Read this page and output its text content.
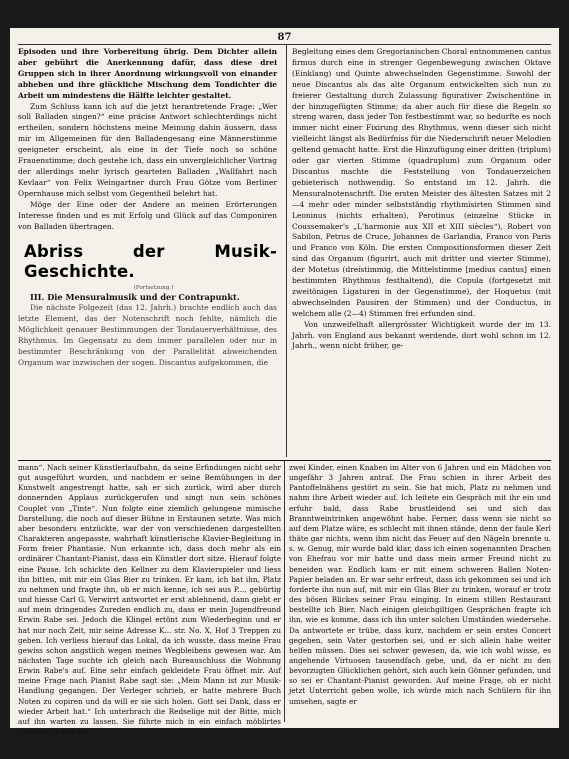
87

Episoden und ihre Vorbereitung übrig. Dem Dichter allein aber gebührt die Anerkennung dafür, dass diese drei Gruppen sich in ihrer Anordnung wirkungsvoll von einander abheben und ihre glückliche Mischung dem Tondichter die Arbeit um mindestens die Hälfte leichter gestaltet.

Zum Schluss kann ich auf die jetzt herantretende Frage: „Wer soll Balladen singen?“ eine präcise Antwort schlechterdings nicht ertheilen, sondern höchstens meine Meinung dahin äussern, dass mir im Allgemeinen für den Balladengesang eine Männerstimme geeigneter erscheint, als eine in der Tiefe noch so schöne Frauenstimme; doch gestehe ich, dass ein unvergleichlicher Vortrag der allerdings mehr lyrisch gearteten Balladen „Wallfahrt nach Kevlaar“ von Felix Weingartner durch Frau Götze vom Berliner Opernhause mich selbst vom Gegentheil belehrt hat.

Möge der Eine oder der Andere an meinen Erörterungen Interesse finden und es mit Erfolg und Glück auf das Componiren von Balladen übertragen.

Abriss der Musik-Geschichte.

(Fortsetzung.)

III. Die Mensuralmusik und der Contrapunkt.

Die nächste Folgezeit (das 12. Jahrh.) brachte endlich auch das letzte Element, das der Notenschrift noch fehlte, nämlich die Möglichkeit genauer Bestimmungen der Tondauerverhältnisse, des Rhythmus. Im Gegensatz zu dem immer parallelen oder nur in bestimmter Beschränkung von der Parallelität abweichenden Organum war inzwischen der sogen. Discantus aufgekommen, die

Begleitung eines dem Gregorianischen Choral entnommenen cantus firmus durch eine in strenger Gegenbewegung zwischen Oktave (Einklang) und Quinte abwechselnden Gegenstimme. Sowohl der neue Discantus als das alte Organum entwickelten sich nun zu freierer Gestaltung durch Zulassung figurativer Zwischentöne in der hinzugefügten Stimme; da aber auch für diese die Regeln so streng waren, dass jeder Ton festbestimmt war, so bedurfte es noch immer nicht einer Fixirung des Rhythmus, wenn dieser sich nicht vielleicht längst als Bedürfniss für die Niederschrift neuer Melodien geltend gemacht hatte. Erst die Hinzufügung einer dritten (triplum) oder gar vierten Stimme (quadruplum) zum Organum oder Discantus machte die Feststellung von Tondauerzeichen gebieterisch nothwendig. So entstand im 12. Jahrh. die Mensuralnotenschrift. Die ersten Meister des ältesten Satzes mit 2—4 mehr oder minder selbstständig rhythmisirten Stimmen sind Leoninus (nichts erhalten), Perotinus (einzelne Stücke in Coussemaker's „L'harmonie aux XII et XIII siècles“), Robert von Sabilon, Petrus de Cruce, Johannes de Garlandia, Franco von Paris und Franco von Köln. Die ersten Compositionsformen dieser Zeit sind das Organum (figurirt, auch mit dritter und vierter Stimme), der Motetus (dreistimmig, die Mittelstimme [medius cantus] einen bestimmten Rhythmus festhaltend), die Copula (fortgesetzt mit zweitönigen Ligaturen in der Gegenstimme), der Hoquetus (mit abwechselnden Pausiren der Stimmen) und der Conductus, in welchem alle (2—4) Stimmen frei erfunden sind.

Von unzweifelhaft allergrösster Wichtigkeit wurde der im 13. Jahrh. von England aus bekannt werdende, dort wohl schon im 12. Jahrh., wenn nicht früher, ge-

mann“. Nach seiner Künstlerlaufbahn, da seine Erfindungen nicht sehr gut ausgeführt wurden, und nachdem er seine Bemühungen in der Kunstwelt angestrengt hatte, sah er sich zurück, wird aber durch donnernden Applaus zurückgerufen und singt nun sein schönes Couplet von „Tinte“. Nun folgte eine ziemlich gelungene mimische Darstellung, die noch auf dieser Bühne in Erstaunen setzte. Was mich aber besonders entzückte, war der von verschiedenen dargestellten Charakteren angepasste, wahrhaft künstlerische Klavier-Begleitung in Form freier Phantasie. Nun erkannte ich, dass doch mehr als ein ordinärer Chantant-Pianist, dass ein Künstler dort sitze. Hierauf folgte eine Pause. Ich schickte den Kellner zu dem Klavierspieler und liess ihn bitten, mit mir ein Glas Bier zu trinken. Er kam, ich bat ihn, Platz zu nehmen und fragte ihn, ob er mich kenne, ich sei aus P..., gebürtig und hiesse Carl G. Verwirrt antwortet er erst ablehnend, dann giebt er auf mein dringendes Zureden endlich zu, dass er mein Jugendfreund Erwin Rabe sei. Jedoch die Klingel ertönt zum Wiederbeginn und er hat nur noch Zeit, mir seine Adresse K... str. No. X, Hof 3 Treppen zu geben. Ich verliess hierauf das Lokal, da ich wusste, dass meine Frau gewiss schon angstlich wegen meines Wegbleibens gewesen war. Am nächsten Tage suchte ich gleich nach Bureauschluss die Wohnung Erwin Rabe's auf. Eine sehr einfach gekleidete Frau öffnet mir. Auf meine Frage nach Pianist Rabe sagt sie: „Mein Mann ist zur Musik-Handlung gegangen. Der Verleger schrieb, er hatte mehrere Buch Noten zu copiren und da will er sie sich holen. Gott sei Dank, dass er wieder Arbeit hat.“ Ich unterbrach die Redselige mit der Bitte, mich auf ihn warten zu lassen. Sie führte mich in ein einfach möblirtes Zimmer, in dem ich

zwei Kinder, einen Knaben im Alter von 6 Jahren und ein Mädchen von ungefähr 3 Jahren antraf. Die Frau schien in ihrer Arbeit des Pantoffelnähens gestört zu sein. Sie bat mich, Platz zu nehmen und nahm ihre Arbeit wieder auf. Ich leitete ein Gespräch mit ihr ein und erfuhr bald, dass Rabe brustleidend sei und sich das Branntweintrinken angewöhnt habe. Ferner, dass wenn sie nicht so auf dem Platze wäre, es schlecht mit ihnen stände, denn der faule Kerl thäte gar nichts, wenn ihm nicht das Feuer auf den Nägeln brennte u. s. w. Genug, mir wurde bald klar, dass ich einen sogenannten Drachen von Ehefrau vor mir hatte und dass mein armer Freund nicht zu beneiden war. Endlich kam er mit einem schweren Ballen Noten-Papier beladen an. Er war sehr erfreut, dass ich gekommen sei und ich forderte ihn nun auf, mit mir ein Glas Bier zu trinken, worauf er trotz des bösen Blickes seiner Frau einging. In einem stillen Restaurant bestellte ich Bier. Nach einigen gleichgiltigen Gesprächen fragte ich ihn, wie es komme, dass ich ihn unter solchen Umständen wiedersehe. Da antwortete er trübe, dass kurz, nachdem er sein erstes Concert gegeben, sein Vater gestorben sei, und er sich allein habe weiter helfen müssen. Dies sei schwer gewesen, da, wie ich wohl wisse, es angehende Virtuosen tausendfach gebe, und, da er nicht zu den bevorzugten Glücklichen gehört, sich auch kein Gönner gefunden, und so sei er Chantant-Pianist geworden. Auf meine Frage, ob er nicht jetzt Unterricht geben wolle, ich würde mich nach Schülern für ihn umsehen, sagte er
